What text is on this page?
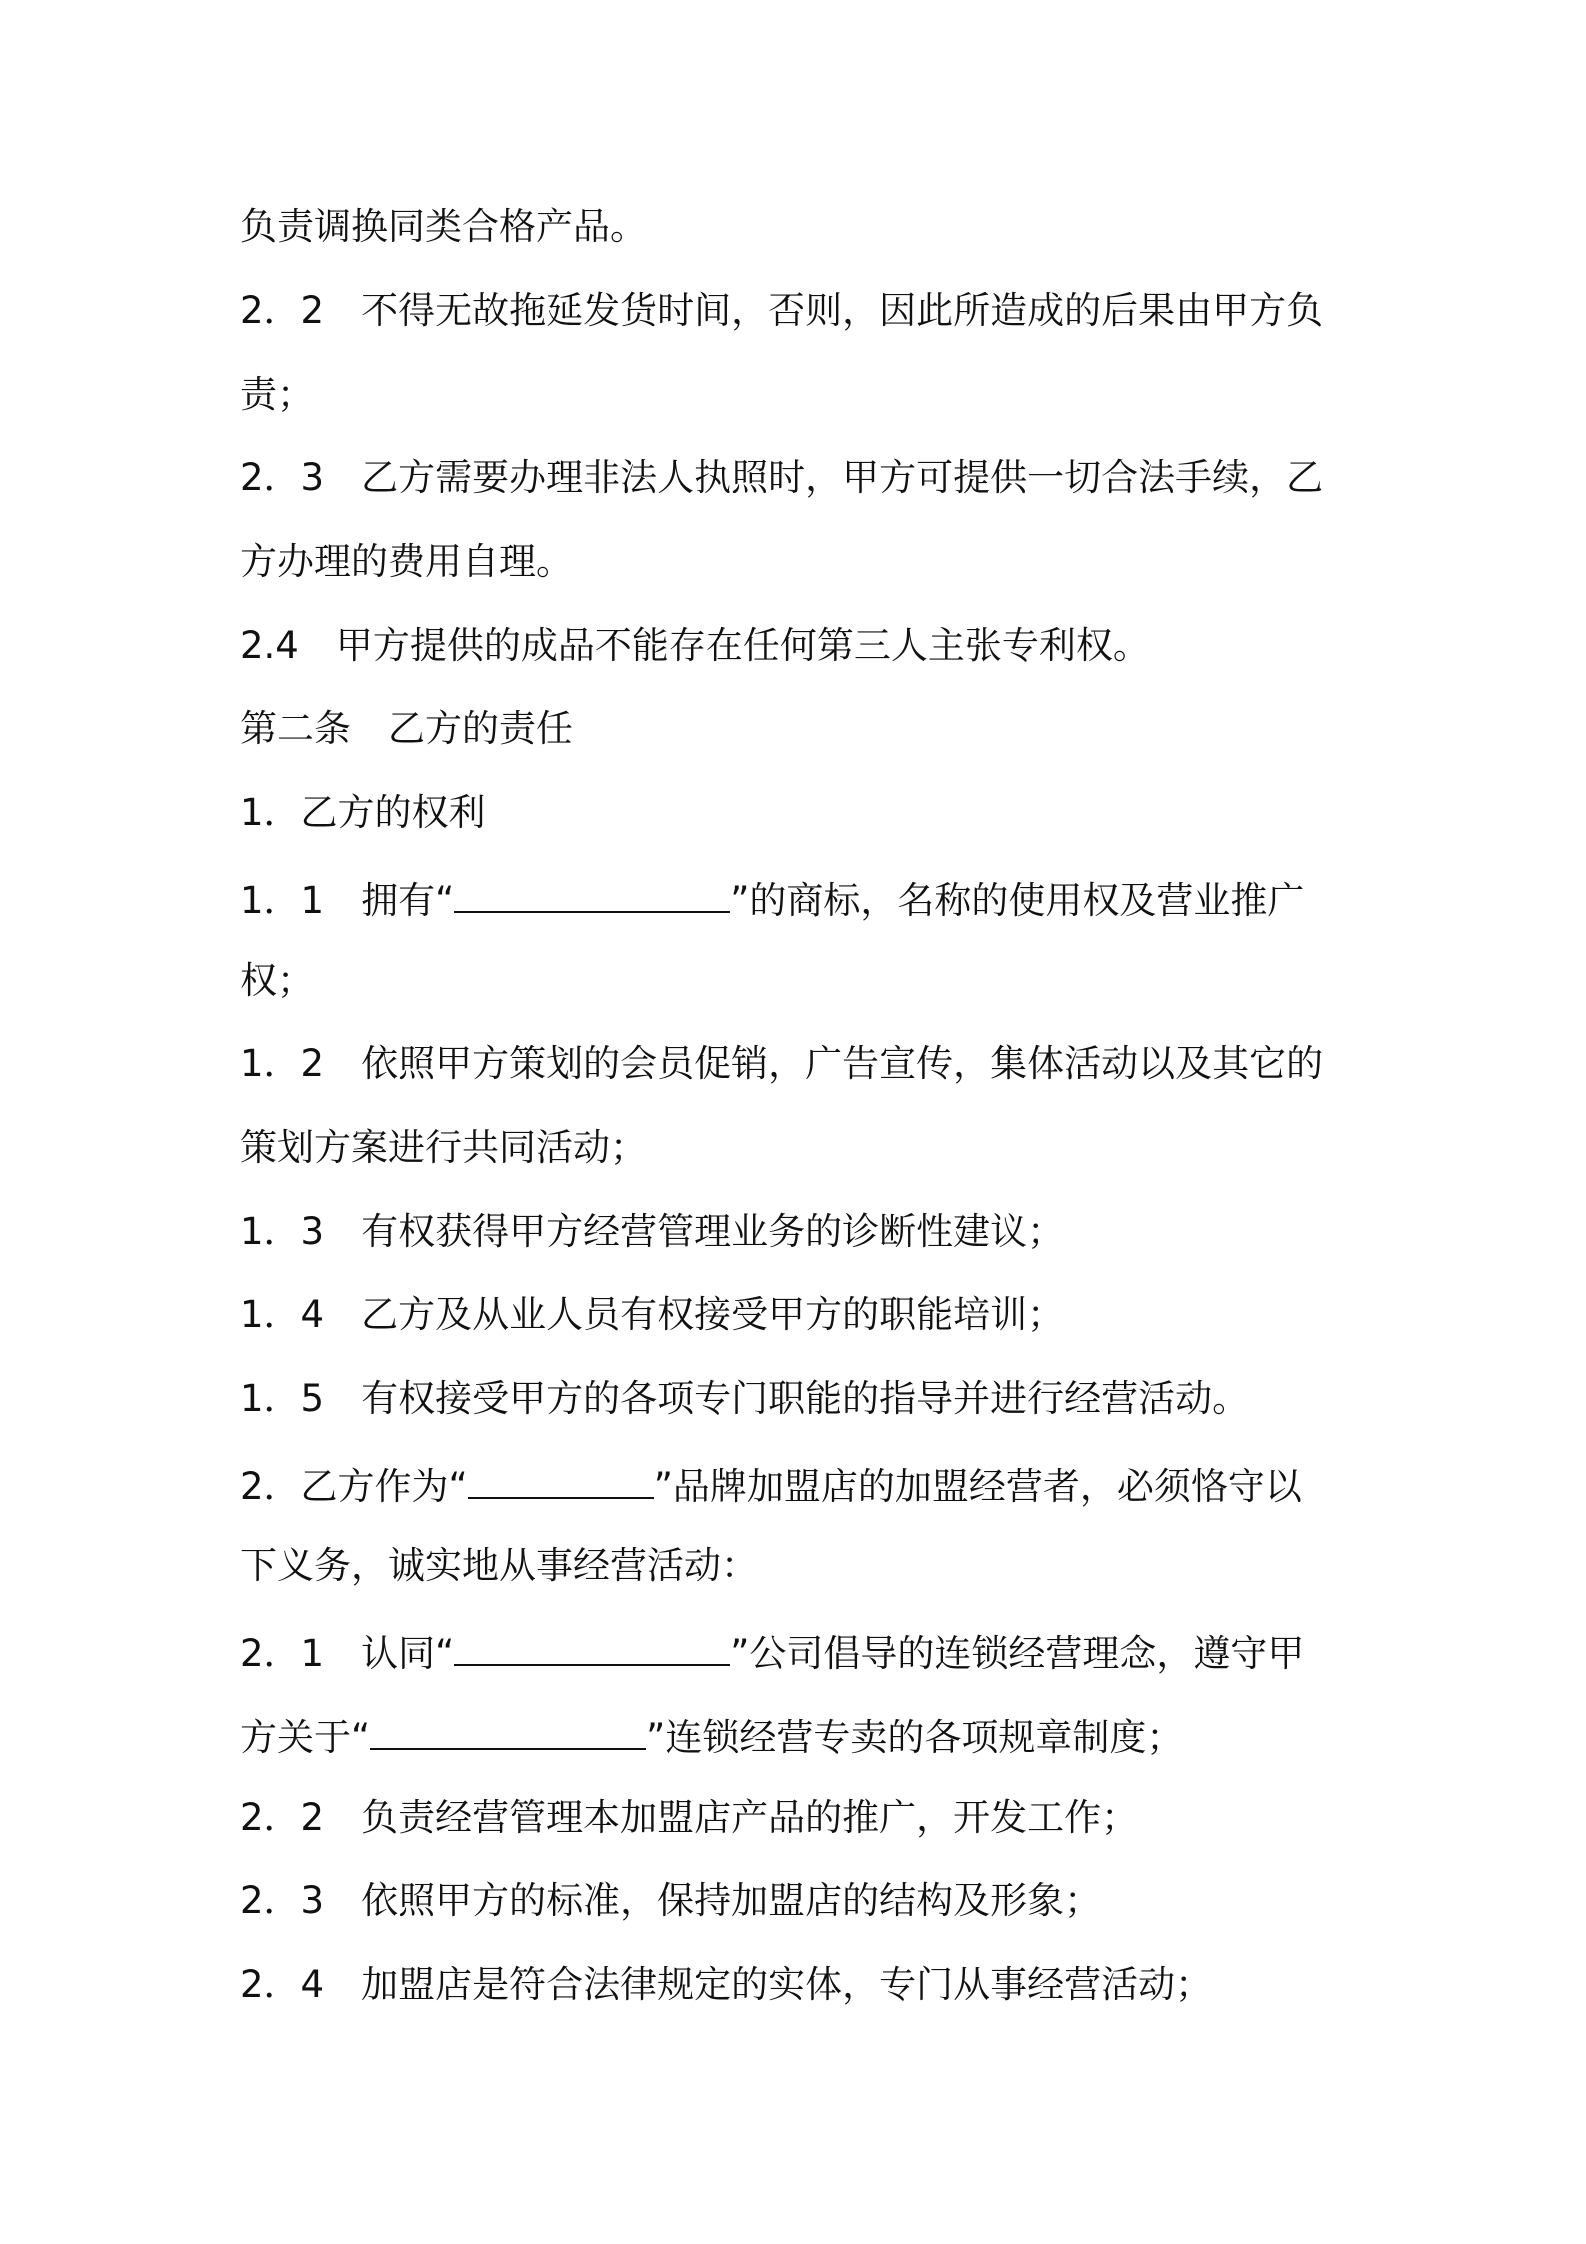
负责调换同类合格产品。

2．2　不得无故拖延发货时间，否则，因此所造成的后果由甲方负

责；

2．3　乙方需要办理非法人执照时，甲方可提供一切合法手续，乙

方办理的费用自理。

2.4　甲方提供的成品不能存在任何第三人主张专利权。

第二条　乙方的责任

1．乙方的权利

1．1　拥有“	”的商标，名称的使用权及营业推广

权；

1．2　依照甲方策划的会员促销，广告宣传，集体活动以及其它的

策划方案进行共同活动；

1．3　有权获得甲方经营管理业务的诊断性建议；

1．4　乙方及从业人员有权接受甲方的职能培训；

1．5　有权接受甲方的各项专门职能的指导并进行经营活动。

2．乙方作为“	”品牌加盟店的加盟经营者，必须恪守以

下义务，诚实地从事经营活动：

2．1　认同“	”公司倡导的连锁经营理念，遵守甲

方关于“	”连锁经营专卖的各项规章制度；

2．2　负责经营管理本加盟店产品的推广，开发工作；

2．3　依照甲方的标准，保持加盟店的结构及形象；

2．4　加盟店是符合法律规定的实体，专门从事经营活动；
